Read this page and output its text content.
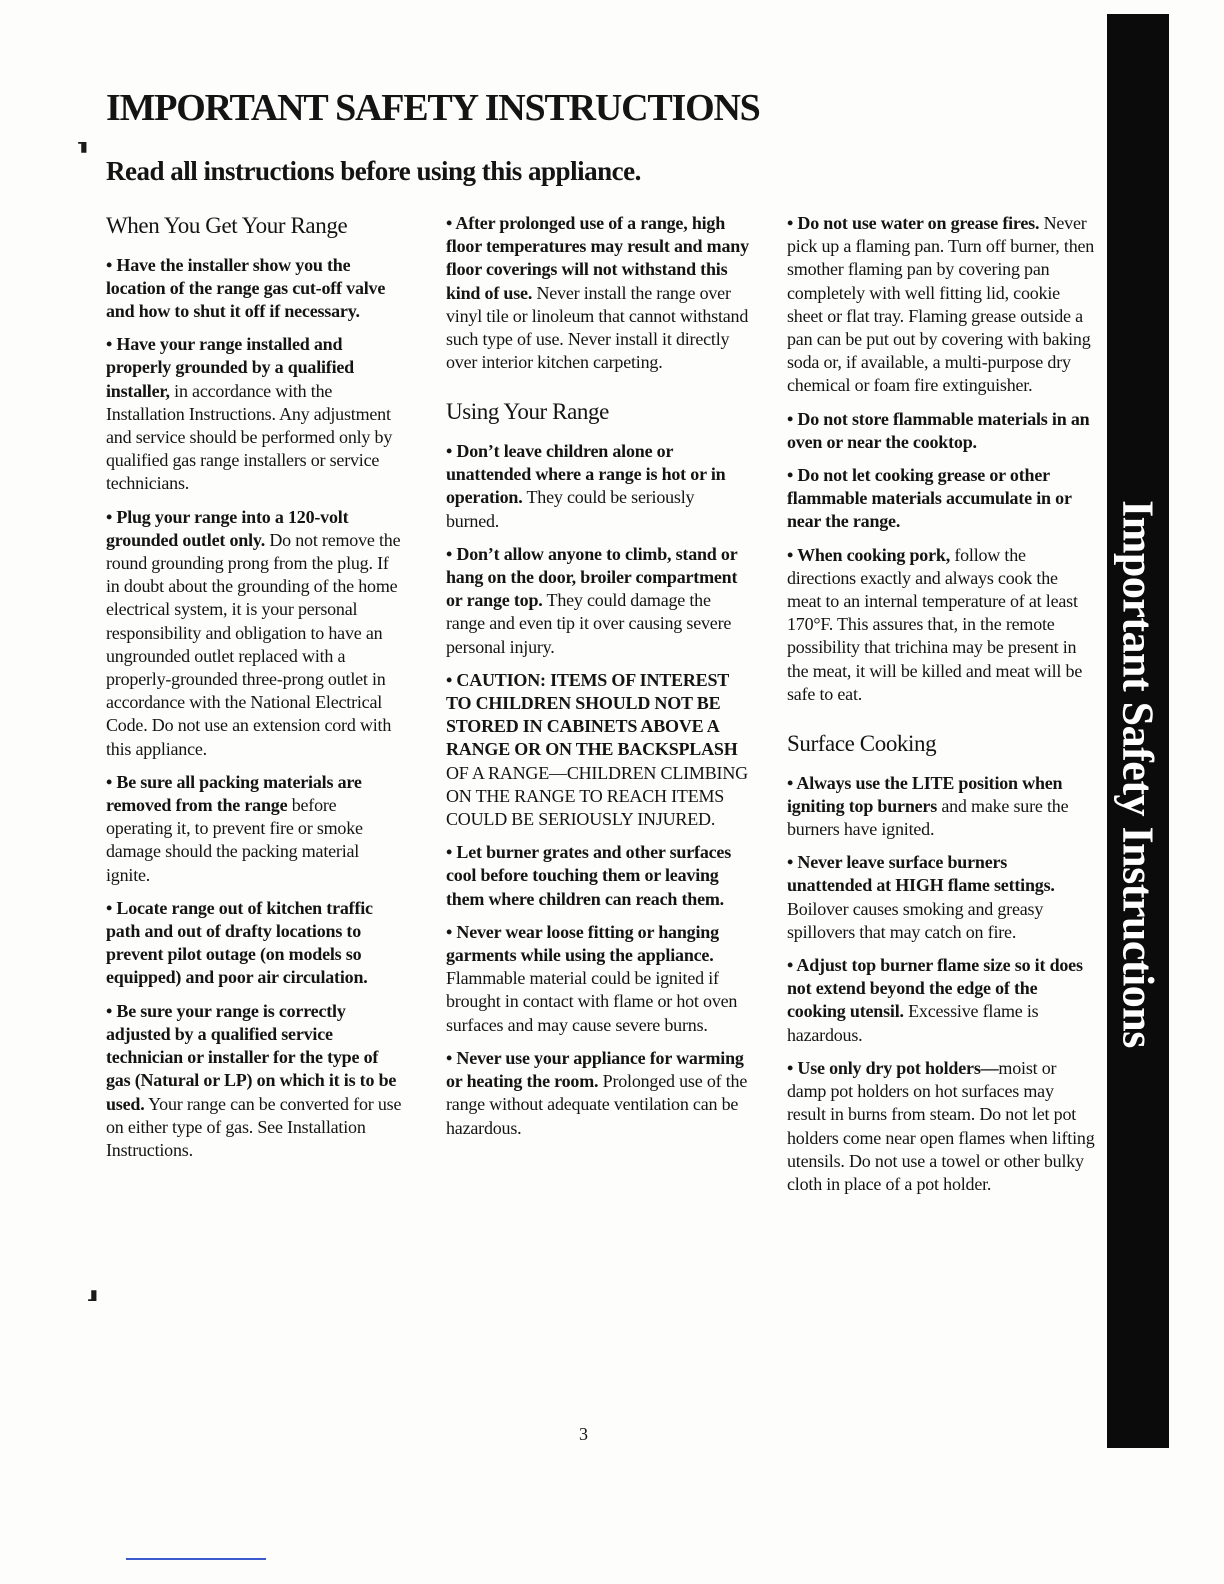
IMPORTANT SAFETY INSTRUCTIONS
⸣ Read all instructions before using this appliance.
When You Get Your Range

• Have the installer show you the location of the range gas cut-off valve and how to shut it off if necessary.

• Have your range installed and properly grounded by a qualified installer, in accordance with the Installation Instructions. Any adjustment and service should be performed only by qualified gas range installers or service technicians.

• Plug your range into a 120-volt grounded outlet only. Do not remove the round grounding prong from the plug. If in doubt about the grounding of the home electrical system, it is your personal responsibility and obligation to have an ungrounded outlet replaced with a properly-grounded three-prong outlet in accordance with the National Electrical Code. Do not use an extension cord with this appliance.

• Be sure all packing materials are removed from the range before operating it, to prevent fire or smoke damage should the packing material ignite.

• Locate range out of kitchen traffic path and out of drafty locations to prevent pilot outage (on models so equipped) and poor air circulation.

• Be sure your range is correctly adjusted by a qualified service technician or installer for the type of gas (Natural or LP) on which it is to be used. Your range can be converted for use on either type of gas. See Installation Instructions.

• After prolonged use of a range, high floor temperatures may result and many floor coverings will not withstand this kind of use. Never install the range over vinyl tile or linoleum that cannot withstand such type of use. Never install it directly over interior kitchen carpeting.

Using Your Range

• Don’t leave children alone or unattended where a range is hot or in operation. They could be seriously burned.

• Don’t allow anyone to climb, stand or hang on the door, broiler compartment or range top. They could damage the range and even tip it over causing severe personal injury.

• CAUTION: ITEMS OF INTEREST TO CHILDREN SHOULD NOT BE STORED IN CABINETS ABOVE A RANGE OR ON THE BACKSPLASH OF A RANGE—CHILDREN CLIMBING ON THE RANGE TO REACH ITEMS COULD BE SERIOUSLY INJURED.

• Let burner grates and other surfaces cool before touching them or leaving them where children can reach them.

• Never wear loose fitting or hanging garments while using the appliance. Flammable material could be ignited if brought in contact with flame or hot oven surfaces and may cause severe burns.

• Never use your appliance for warming or heating the room. Prolonged use of the range without adequate ventilation can be hazardous.

• Do not use water on grease fires. Never pick up a flaming pan. Turn off burner, then smother flaming pan by covering pan completely with well fitting lid, cookie sheet or flat tray. Flaming grease outside a pan can be put out by covering with baking soda or, if available, a multi-purpose dry chemical or foam fire extinguisher.

• Do not store flammable materials in an oven or near the cooktop.

• Do not let cooking grease or other flammable materials accumulate in or near the range.

• When cooking pork, follow the directions exactly and always cook the meat to an internal temperature of at least 170°F. This assures that, in the remote possibility that trichina may be present in the meat, it will be killed and meat will be safe to eat.

Surface Cooking

• Always use the LITE position when igniting top burners and make sure the burners have ignited.

• Never leave surface burners unattended at HIGH flame settings. Boilover causes smoking and greasy spillovers that may catch on fire.

• Adjust top burner flame size so it does not extend beyond the edge of the cooking utensil. Excessive flame is hazardous.

• Use only dry pot holders—moist or damp pot holders on hot surfaces may result in burns from steam. Do not let pot holders come near open flames when lifting utensils. Do not use a towel or other bulky cloth in place of a pot holder.

⸥
Important Safety Instructions
3
